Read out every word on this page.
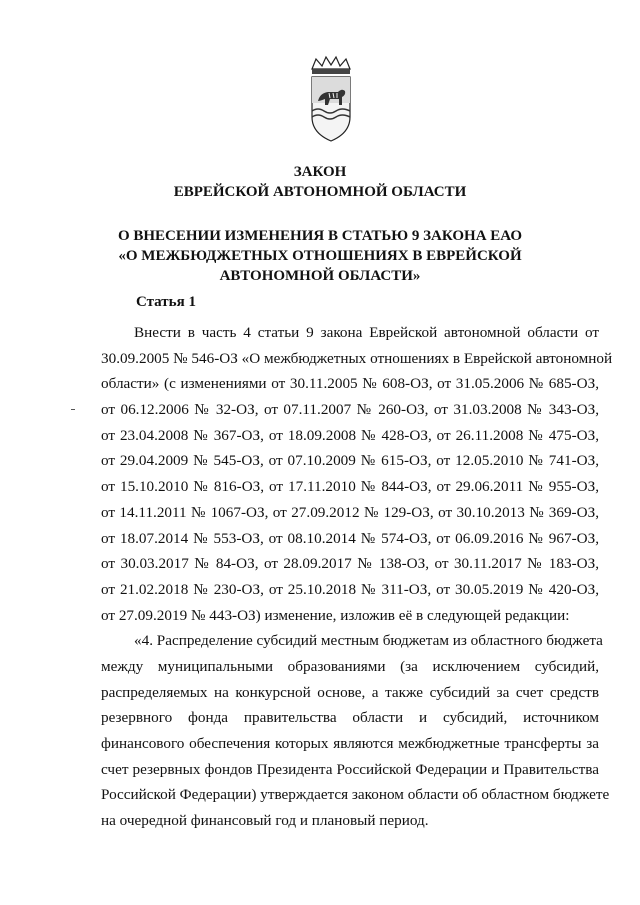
ЗАКОН
ЕВРЕЙСКОЙ АВТОНОМНОЙ ОБЛАСТИ
О ВНЕСЕНИИ ИЗМЕНЕНИЯ В СТАТЬЮ 9 ЗАКОНА ЕАО
«О МЕЖБЮДЖЕТНЫХ ОТНОШЕНИЯХ В ЕВРЕЙСКОЙ
АВТОНОМНОЙ ОБЛАСТИ»
Статья 1
Внести в часть 4 статьи 9 закона Еврейской автономной области от
30.09.2005 № 546-ОЗ «О межбюджетных отношениях в Еврейской автономной
области» (с изменениями от 30.11.2005 № 608-ОЗ, от 31.05.2006 № 685-ОЗ,
от 06.12.2006 № 32-ОЗ, от 07.11.2007 № 260-ОЗ, от 31.03.2008 № 343-ОЗ,
от 23.04.2008 № 367-ОЗ, от 18.09.2008 № 428-ОЗ, от 26.11.2008 № 475-ОЗ,
от 29.04.2009 № 545-ОЗ, от 07.10.2009 № 615-ОЗ, от 12.05.2010 № 741-ОЗ,
от 15.10.2010 № 816-ОЗ, от 17.11.2010 № 844-ОЗ, от 29.06.2011 № 955-ОЗ,
от 14.11.2011 № 1067-ОЗ, от 27.09.2012 № 129-ОЗ, от 30.10.2013 № 369-ОЗ,
от 18.07.2014 № 553-ОЗ, от 08.10.2014 № 574-ОЗ, от 06.09.2016 № 967-ОЗ,
от 30.03.2017 № 84-ОЗ, от 28.09.2017 № 138-ОЗ, от 30.11.2017 № 183-ОЗ,
от 21.02.2018 № 230-ОЗ, от 25.10.2018 № 311-ОЗ, от 30.05.2019 № 420-ОЗ,
от 27.09.2019 № 443-ОЗ) изменение, изложив её в следующей редакции:
«4. Распределение субсидий местным бюджетам из областного бюджета
между муниципальными образованиями (за исключением субсидий,
распределяемых на конкурсной основе, а также субсидий за счет средств
резервного фонда правительства области и субсидий, источником
финансового обеспечения которых являются межбюджетные трансферты за
счет резервных фондов Президента Российской Федерации и Правительства
Российской Федерации) утверждается законом области об областном бюджете
на очередной финансовый год и плановый период.
